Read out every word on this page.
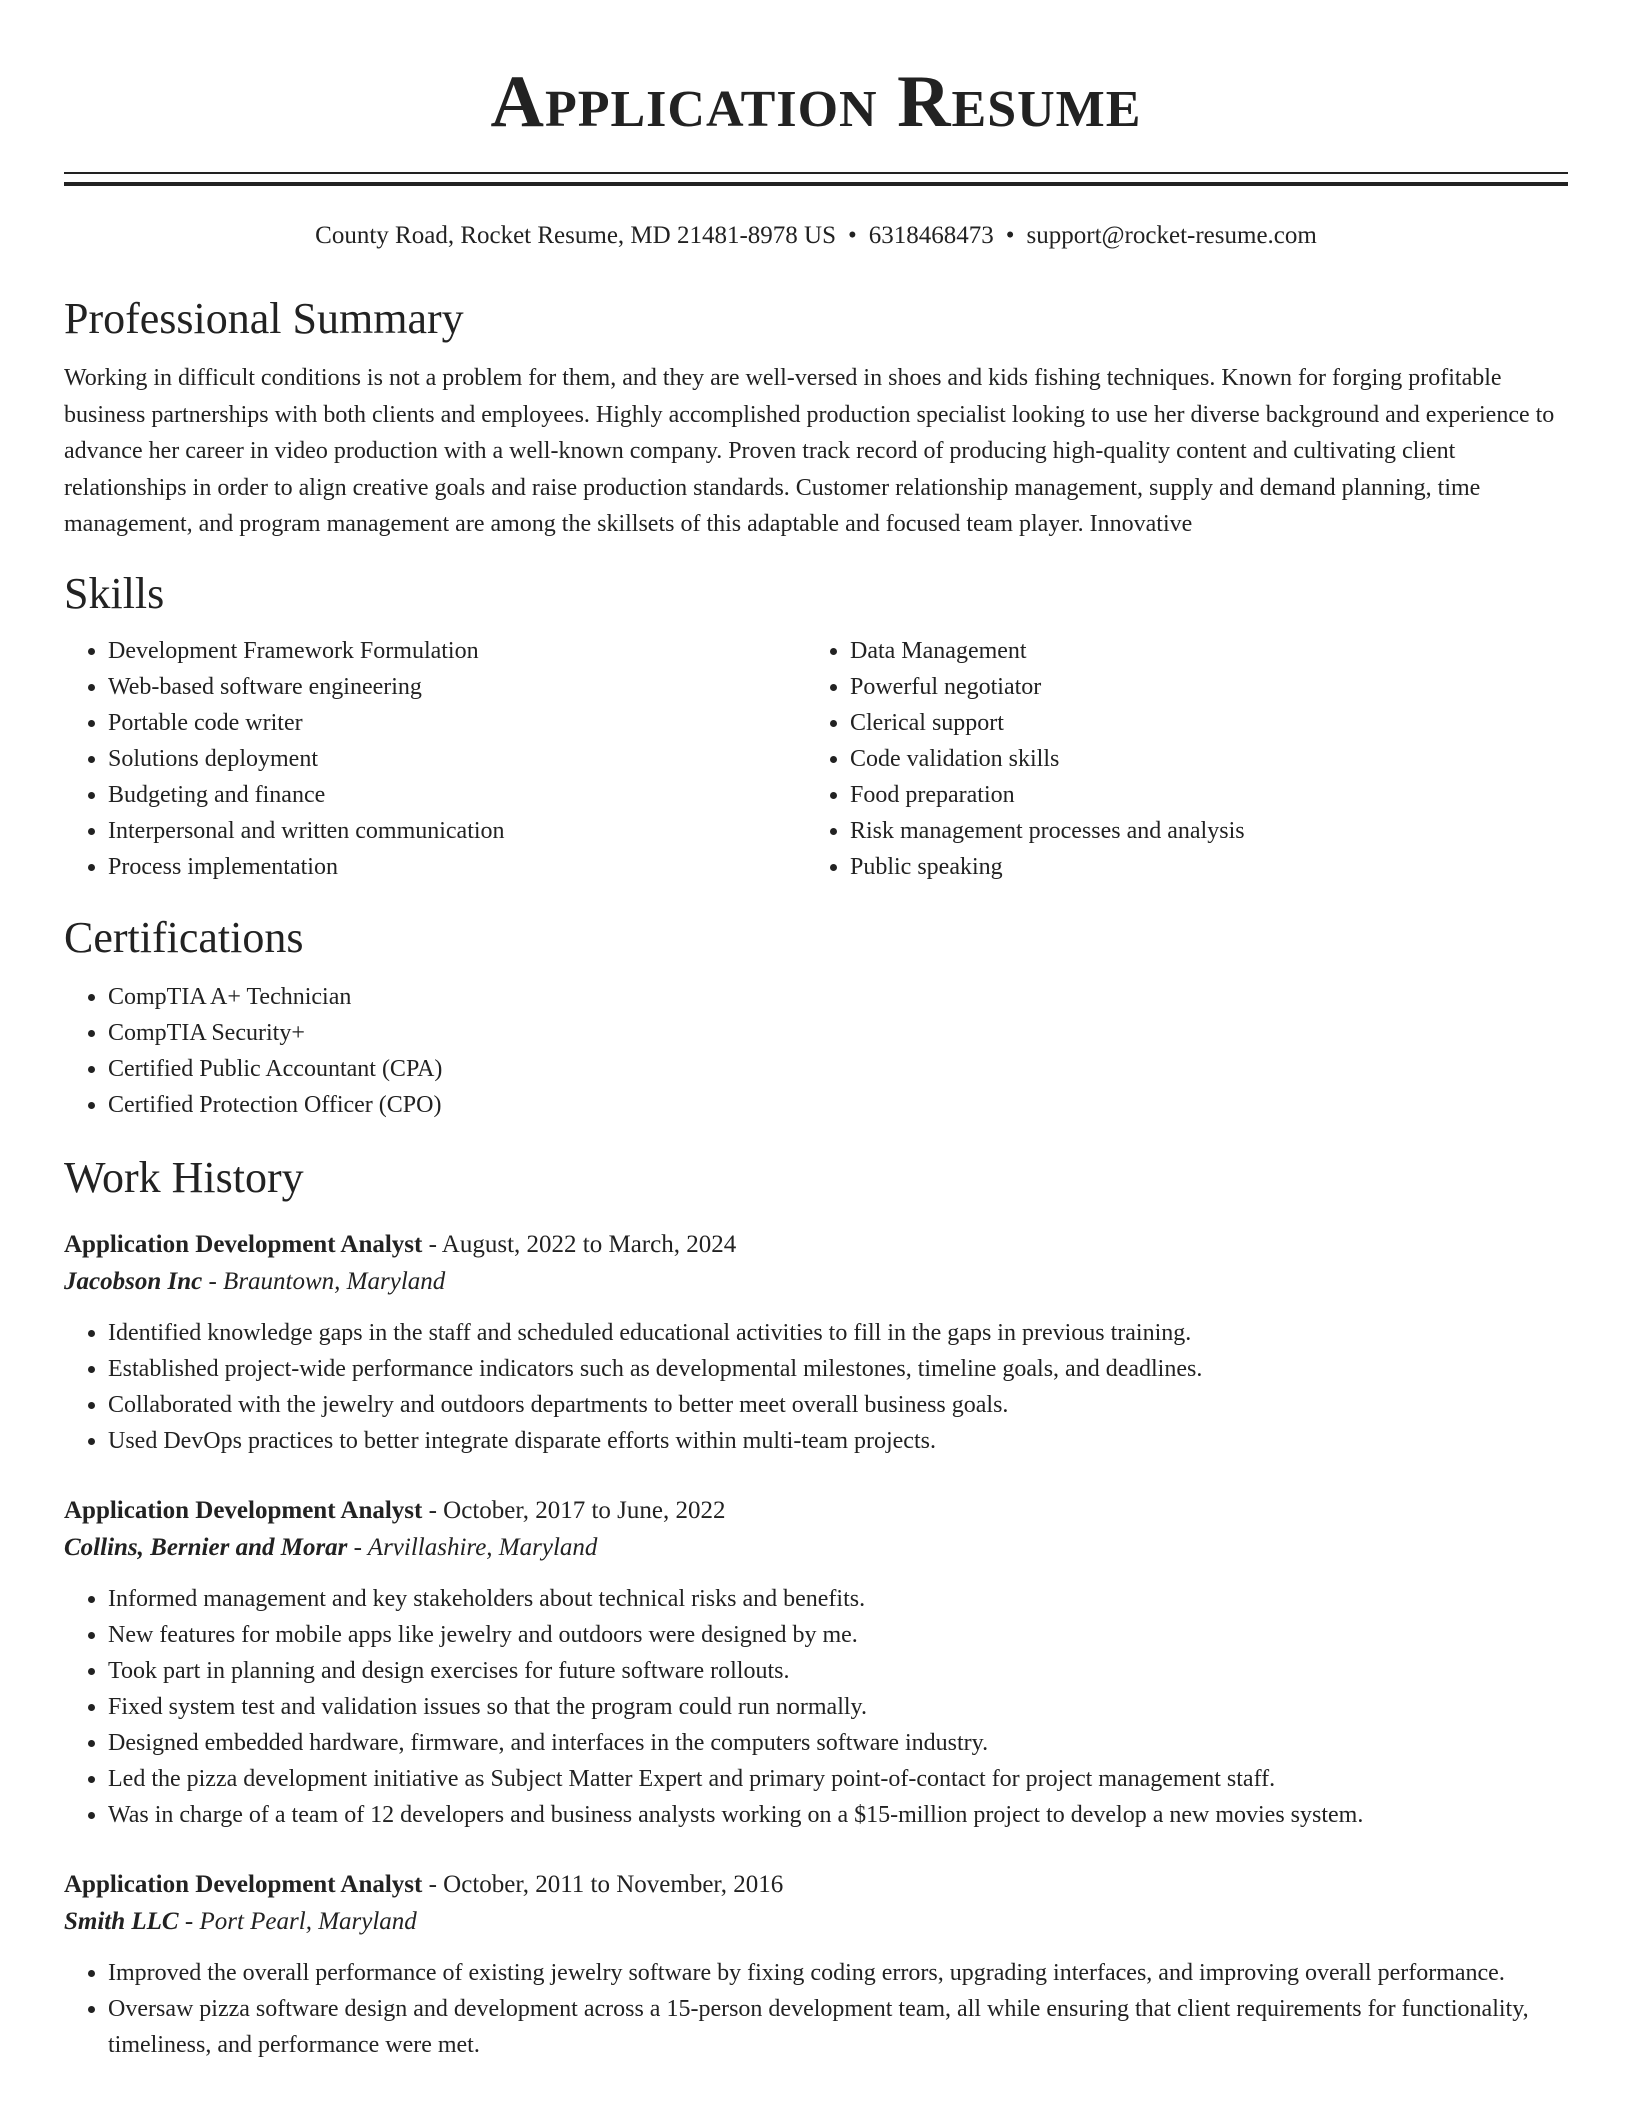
Application Resume
County Road, Rocket Resume, MD 21481-8978 US • 6318468473 • support@rocket-resume.com
Professional Summary

Working in difficult conditions is not a problem for them, and they are well-versed in shoes and kids fishing techniques. Known for forging profitable business partnerships with both clients and employees. Highly accomplished production specialist looking to use her diverse background and experience to advance her career in video production with a well-known company. Proven track record of producing high-quality content and cultivating client relationships in order to align creative goals and raise production standards. Customer relationship management, supply and demand planning, time management, and program management are among the skillsets of this adaptable and focused team player. Innovative

Skills
• Development Framework Formulation
• Web-based software engineering
• Portable code writer
• Solutions deployment
• Budgeting and finance
• Interpersonal and written communication
• Process implementation
• Data Management
• Powerful negotiator
• Clerical support
• Code validation skills
• Food preparation
• Risk management processes and analysis
• Public speaking
Certifications
• CompTIA A+ Technician
• CompTIA Security+
• Certified Public Accountant (CPA)
• Certified Protection Officer (CPO)
Work History
Application Development Analyst - August, 2022 to March, 2024
Jacobson Inc - Brauntown, Maryland
• Identified knowledge gaps in the staff and scheduled educational activities to fill in the gaps in previous training.
• Established project-wide performance indicators such as developmental milestones, timeline goals, and deadlines.
• Collaborated with the jewelry and outdoors departments to better meet overall business goals.
• Used DevOps practices to better integrate disparate efforts within multi-team projects.
Application Development Analyst - October, 2017 to June, 2022
Collins, Bernier and Morar - Arvillashire, Maryland
• Informed management and key stakeholders about technical risks and benefits.
• New features for mobile apps like jewelry and outdoors were designed by me.
• Took part in planning and design exercises for future software rollouts.
• Fixed system test and validation issues so that the program could run normally.
• Designed embedded hardware, firmware, and interfaces in the computers software industry.
• Led the pizza development initiative as Subject Matter Expert and primary point-of-contact for project management staff.
• Was in charge of a team of 12 developers and business analysts working on a $15-million project to develop a new movies system.
Application Development Analyst - October, 2011 to November, 2016
Smith LLC - Port Pearl, Maryland
• Improved the overall performance of existing jewelry software by fixing coding errors, upgrading interfaces, and improving overall performance.
• Oversaw pizza software design and development across a 15-person development team, all while ensuring that client requirements for functionality, timeliness, and performance were met.
